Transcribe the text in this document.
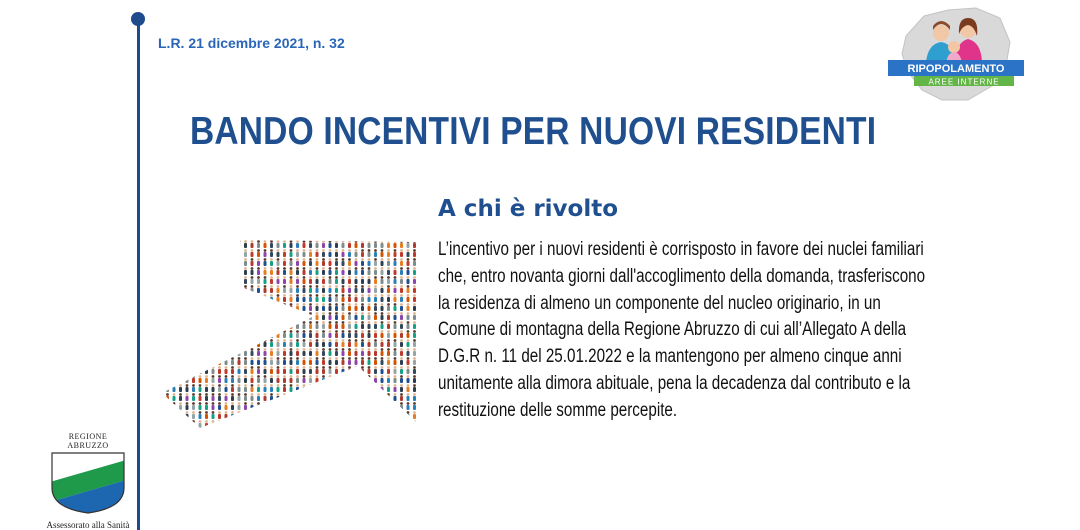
L.R. 21 dicembre 2021, n. 32
BANDO INCENTIVI PER NUOVI RESIDENTI
A chi è rivolto
L’incentivo per i nuovi residenti è corrisposto in favore dei nuclei familiari
che, entro novanta giorni dall'accoglimento della domanda, trasferiscono
la residenza di almeno un componente del nucleo originario, in un
Comune di montagna della Regione Abruzzo di cui all’Allegato A della
D.G.R n. 11 del 25.01.2022 e la mantengono per almeno cinque anni
unitamente alla dimora abituale, pena la decadenza dal contributo e la
restituzione delle somme percepite.
RIPOPOLAMENTO
AREE INTERNE
REGIONE
ABRUZZO
Assessorato alla Sanità
